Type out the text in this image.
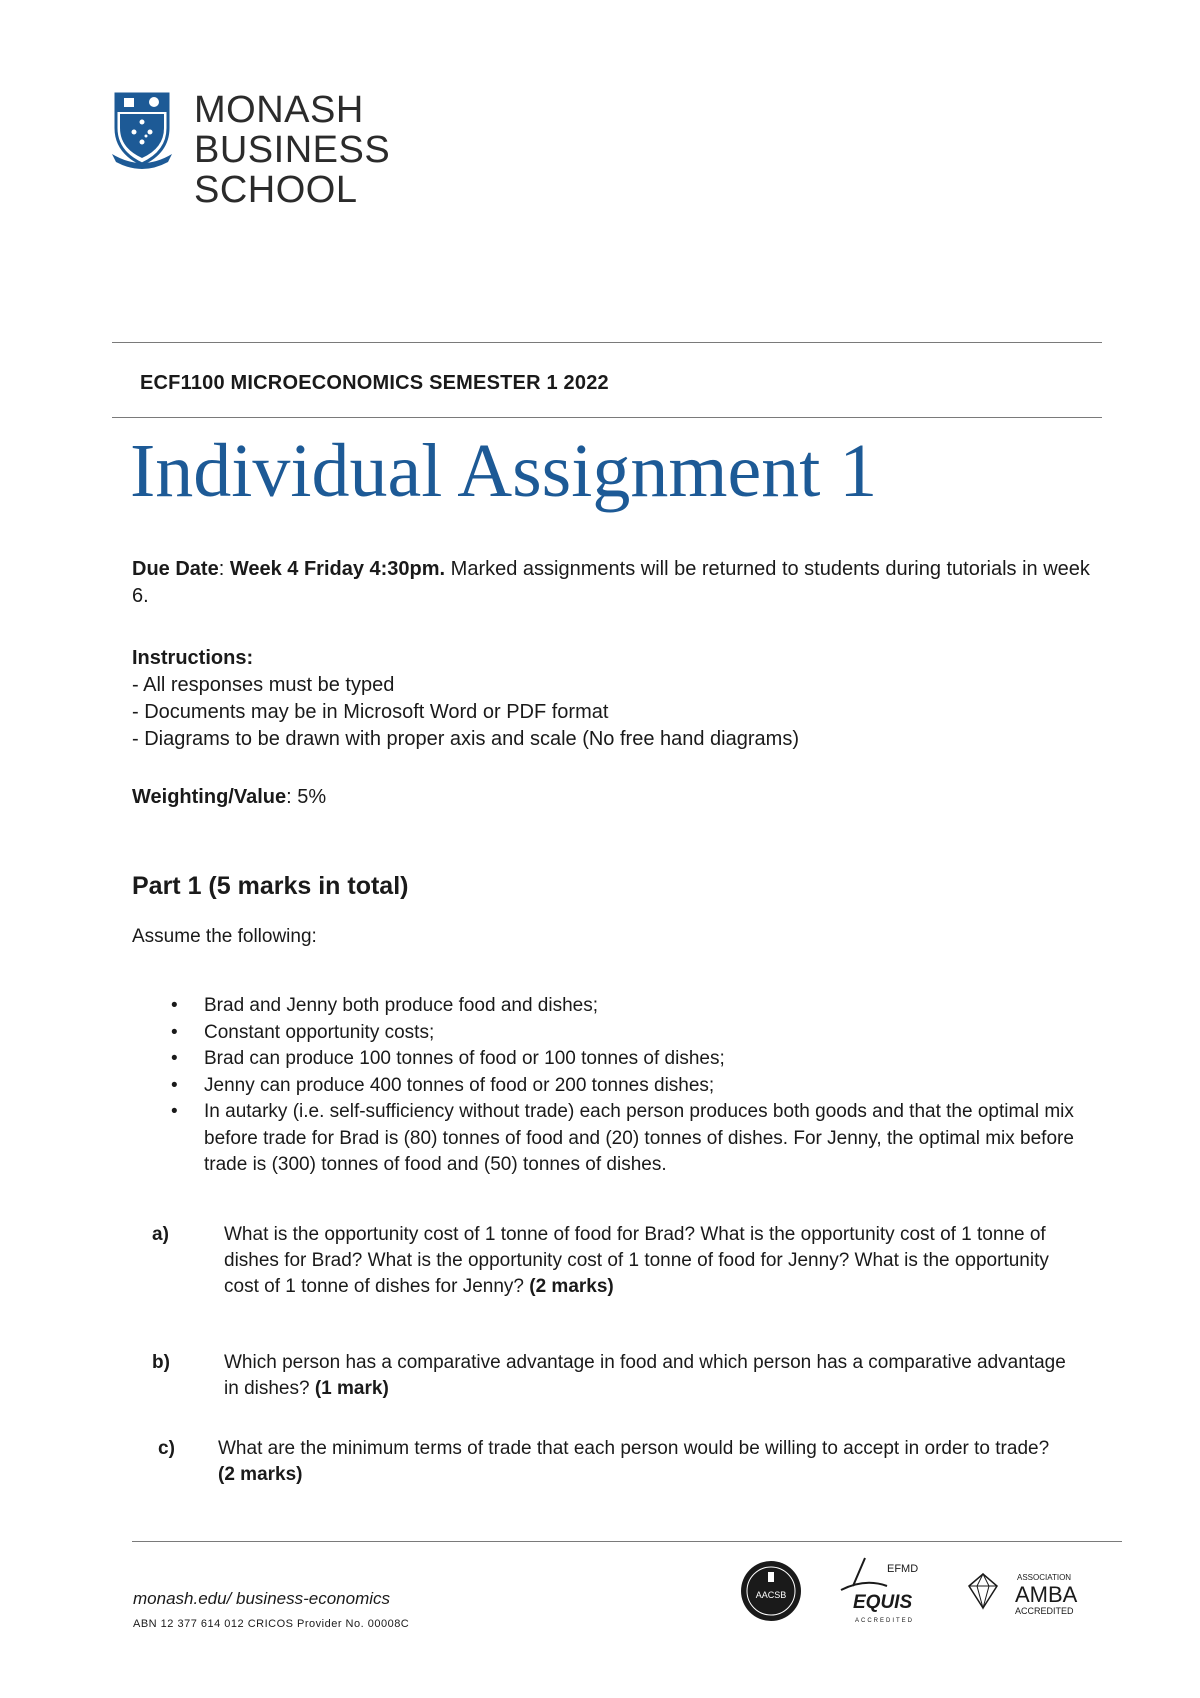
MONASH
BUSINESS
SCHOOL
ECF1100 MICROECONOMICS SEMESTER 1 2022
Individual Assignment 1
Due Date: Week 4 Friday 4:30pm. Marked assignments will be returned to students during tutorials in week 6.
Instructions:
- All responses must be typed
- Documents may be in Microsoft Word or PDF format
- Diagrams to be drawn with proper axis and scale (No free hand diagrams)
Weighting/Value: 5%
Part 1 (5 marks in total)
Assume the following:
• Brad and Jenny both produce food and dishes;
• Constant opportunity costs;
• Brad can produce 100 tonnes of food or 100 tonnes of dishes;
• Jenny can produce 400 tonnes of food or 200 tonnes dishes;
• In autarky (i.e. self-sufficiency without trade) each person produces both goods and that the optimal mix before trade for Brad is (80) tonnes of food and (20) tonnes of dishes. For Jenny, the optimal mix before trade is (300) tonnes of food and (50) tonnes of dishes.
a)	What is the opportunity cost of 1 tonne of food for Brad? What is the opportunity cost of 1 tonne of dishes for Brad? What is the opportunity cost of 1 tonne of food for Jenny? What is the opportunity cost of 1 tonne of dishes for Jenny? (2 marks)
b)	Which person has a comparative advantage in food and which person has a comparative advantage in dishes? (1 mark)
c) What are the minimum terms of trade that each person would be willing to accept in order to trade? (2 marks)
monash.edu/ business-economics
ABN 12 377 614 012 CRICOS Provider No. 00008C
AACSB
EFMD
EQUIS
ACCREDITED
ASSOCIATION
AMBA
ACCREDITED
